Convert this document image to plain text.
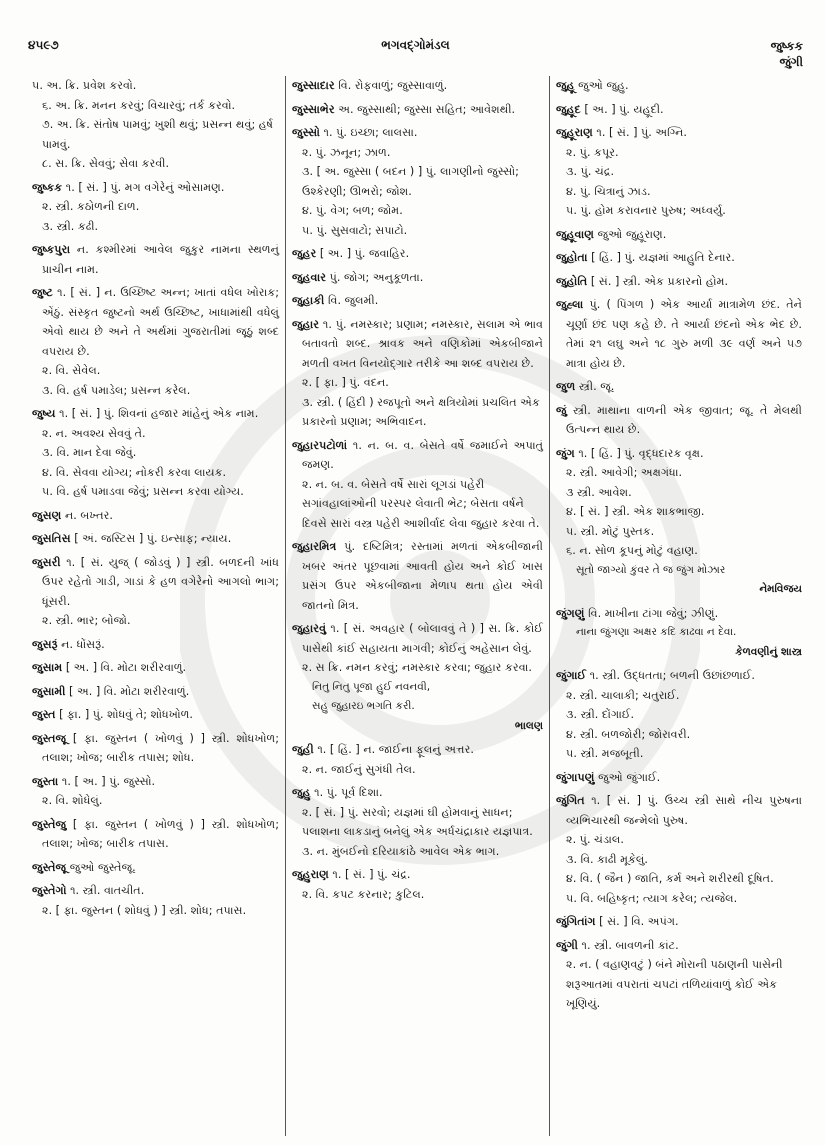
૪૫૯૭	ભગવદ્ગોમંડલ	જુષ્કક
જુંગી
૫. અ. ક્રિ. પ્રવેશ કરવો.
૬. અ. ક્રિ. મનન કરવું; વિચારવું; તર્ક કરવો.
૭. અ. ક્રિ. સંતોષ પામવું; ખુશી થવું; પ્રસન્ન થવું; હર્ષ પામવું.
૮. સ. ક્રિ. સેવવું; સેવા કરવી.
જુષ્કક ૧. [ સં. ] પું. મગ વગેરેનું ઓસામણ.
૨. સ્ત્રી. કઠોળની દાળ.
૩. સ્ત્રી. કઢી.
જુષ્કપુરા ન. કશ્મીરમાં આવેલ જુકુર નામના સ્થળનું પ્રાચીન નામ.
જુષ્ટ ૧. [ સં. ] ન. ઉચ્છિષ્ટ અન્ન; ખાતાં વધેલ ખોરાક; એંઠું. સંસ્કૃત જુષ્ટનો અર્થ ઉચ્છિષ્ટ, ખાધામાંથી વધેલું એવો થાય છે અને તે અર્થમાં ગુજરાતીમાં જૂઠું શબ્દ વપરાય છે.
૨. વિ. સેવેલ.
૩. વિ. હર્ષ પમાડેલ; પ્રસન્ન કરેલ.
જુષ્ય ૧. [ સં. ] પું. શિવનાં હજાર માંહેનું એક નામ.
૨. ન. અવશ્ય સેવવું તે.
૩. વિ. માન દેવા જેવું.
૪. વિ. સેવવા યોગ્ય; નોકરી કરવા લાયક.
૫. વિ. હર્ષ પમાડવા જેવું; પ્રસન્ન કરવા યોગ્ય.
જુસણ ન. બખ્તર.
જુસતિસ [ અં. જસ્ટિસ ] પું. ઇન્સાફ; ન્યાય.
જુસરી ૧. [ સં. યુજ્ ( જોડવું ) ] સ્ત્રી. બળદની ખાંધ ઉપર રહેતો ગાડી, ગાડાં કે હળ વગેરેનો આગલો ભાગ; ધૂંસરી.
૨. સ્ત્રી. ભાર; બોજો.
જુસરૂં ન. ધોંસરૂં.
જુસામ [ અ. ] વિ. મોટા શરીરવાળું.
જુસામી [ અ. ] વિ. મોટા શરીરવાળું.
જુસ્ત [ ફા. ] પું. શોધવું તે; શોધખોળ.
જુસ્તજૂ [ ફા. જુસ્તન ( ખોળવું ) ] સ્ત્રી. શોધખોળ; તલાશ; ખોજ; બારીક તપાસ; શોધ.
જુસ્તા ૧. [ અ. ] પું. જુસ્સો.
૨. વિ. શોધેલું.
જુસ્તેજુ [ ફા. જુસ્તન ( ખોળવું ) ] સ્ત્રી. શોધખોળ; તલાશ; ખોજ; બારીક તપાસ.
જુસ્તેજૂ જુઓ જુસ્તેજૂ.
જુસ્તેગો ૧. સ્ત્રી. વાતચીત.
૨. [ ફા. જુસ્તન ( શોધવું ) ] સ્ત્રી. શોધ; તપાસ.
જુસ્સાદાર વિ. રોફવાળું; જુસ્સાવાળું.
જુસ્સાભેર અ. જુસ્સાથી; જુસ્સા સહિત; આવેશથી.
જુસ્સો ૧. પું. ઇચ્છા; લાલસા.
૨. પું. ઝનૂન; ઝાળ.
૩. [ અ. જુસ્સા ( બદન ) ] પું. લાગણીનો જુસ્સો; ઉશ્કેરણી; ઊભરો; જોશ.
૪. પું. વેગ; બળ; જોમ.
૫. પું. સુસવાટો; સપાટો.
જુહર [ અ. ] પું. જવાહિર.
જુહવાર પું. જોગ; અનુકૂળતા.
જુહાકી વિ. જુલમી.
જુહાર ૧. પું. નમસ્કાર; પ્રણામ; નમસ્કાર, સલામ એ ભાવ બતાવતો શબ્દ. શ્રાવક અને વણિકોમાં એકબીજાને મળતી વખત વિનયોદ્ગાર તરીકે આ શબ્દ વપરાય છે.
૨. [ ફા. ] પું. વંદન.
૩. સ્ત્રી. ( હિંદી ) રજપૂતો અને ક્ષત્રિયોમાં પ્રચલિત એક પ્રકારનો પ્રણામ; અભિવાદન.
જુહારપટોળાં ૧. ન. બ. વ. બેસતે વર્ષે જમાઈને અપાતું જમણ.
૨. ન. બ. વ. બેસતે વર્ષે સારાં લૂગડાં પહેરી સગાંવહાલાંઓની પરસ્પર લેવાતી ભેટ; બેસતા વર્ષને દિવસે સારાં વસ્ત્ર પહેરી આશીર્વાદ લેવા જુહાર કરવા તે.
જુહારમિત્ર પું. દષ્ટિમિત્ર; રસ્તામાં મળતાં એકબીજાની ખબર અંતર પૂછવામાં આવતી હોય અને કોઈ ખાસ પ્રસંગ ઉપર એકબીજાના મેળાપ થતા હોય એવી જાતનો મિત્ર.
જુહારવું ૧. [ સં. અવહાર ( બોલાવવું તે ) ] સ. ક્રિ. કોઈ પાસેથી કાંઈ સહાયતા માગવી; કોઈનું અહેસાન લેવું.
૨. સ ક્રિ. નમન કરવું; નમસ્કાર કરવા; જુહાર કરવા.
નિતુ નિતુ પૂજા હુઈ નવનવી,
સહુ જુહારઇ ભગતિ કરી.
ભાલણ
જુહી ૧. [ હિં. ] ન. જાઈના ફૂલનું અત્તર.
૨. ન. જાઈનું સુગંધી તેલ.
જુહુ ૧. પું. પૂર્વ દિશા.
૨. [ સં. ] પું. સરવો; યજ્ઞમાં ઘી હોમવાનું સાધન; પલાશના લાકડાનું બનેલું એક અર્ધચંદ્રાકાર યજ્ઞપાત્ર.
૩. ન. મુંબઈનો દરિયાકાંઠે આવેલ એક ભાગ.
જુહુરાણ ૧. [ સં. ] પું. ચંદ્ર.
૨. વિ. કપટ કરનાર; કુટિલ.
જુહૂ જુઓ જુહુ.
જુહૂદ [ અ. ] પું. યહૂદી.
જુહૂરાણ ૧. [ સં. ] પું. અગ્નિ.
૨. પું. કપૂર.
૩. પું. ચંદ્ર.
૪. પું. ચિત્રાનું ઝાડ.
૫. પું. હોમ કરાવનાર પુરુષ; અધ્વર્યુ.
જુહૂવાણ જુઓ જુહૂરાણ.
જુહોતા [ હિં. ] પું. યજ્ઞમાં આહુતિ દેનાર.
જુહોતિ [ સં. ] સ્ત્રી. એક પ્રકારનો હોમ.
જુહ્લા પું. ( પિંગળ ) એક આર્યા માત્રામેળ છંદ. તેને ચૂર્ણા છંદ પણ કહે છે. તે આર્યા છંદનો એક ભેદ છે. તેમાં ૨૧ લઘુ અને ૧૮ ગુરુ મળી ૩૯ વર્ણ અને ૫૭ માત્રા હોય છે.
જુળ સ્ત્રી. જૂ.
જું સ્ત્રી. માથાના વાળની એક જીવાત; જૂ. તે મેલથી ઉત્પન્ન થાય છે.
જુંગ ૧. [ હિં. ] પું. વૃદ્ધદારક વૃક્ષ.
૨. સ્ત્રી. આવેગી; અક્ષગંધા.
૩ સ્ત્રી. આવેશ.
૪. [ સં. ] સ્ત્રી. એક શાકભાજી.
૫. સ્ત્રી. મોટું પુસ્તક.
૬. ન. સોળ કૂપનું મોટું વહાણ.
સૂતો જાગ્યો કુંવર તે જ જુંગ મોઝાર
નેમવિજય
જુંગણું વિ. માખીના ટાંગા જેવું; ઝીણું.
નાના જુંગણા અક્ષર કદિ કાઢવા ન દેવા.
કેળવણીનું શાસ્ત્ર
જુંગાઈ ૧. સ્ત્રી. ઉદ્ધતતા; બળની ઉછાંછળાઈ.
૨. સ્ત્રી. ચાલાકી; ચતુરાઈ.
૩. સ્ત્રી. દોંગાઈ.
૪. સ્ત્રી. બળજોરી; જોરાવરી.
૫. સ્ત્રી. મજબૂતી.
જુંગાપણું જુઓ જુંગાઈ.
જુંગિત ૧. [ સં. ] પું. ઉચ્ચ સ્ત્રી સાથે નીચ પુરુષના વ્યભિચારથી જન્મેલો પુરુષ.
૨. પું. ચંડાલ.
૩. વિ. કાઢી મૂકેલું.
૪. વિ. ( જૈન ) જાતિ, કર્મ અને શરીરથી દૂષિત.
૫. વિ. બહિષ્કૃત; ત્યાગ કરેલ; ત્યજેલ.
જુંગિતાંગ [ સં. ] વિ. અપંગ.
જુંગી ૧. સ્ત્રી. બાવળની કાંટ.
૨. ન. ( વહાણવટું ) બંને મોરાની પઠાણની પાસેની શરૂઆતમાં વપરાતાં ચપટાં તળિયાંવાળું કોઈ એક ખૂણિયું.
